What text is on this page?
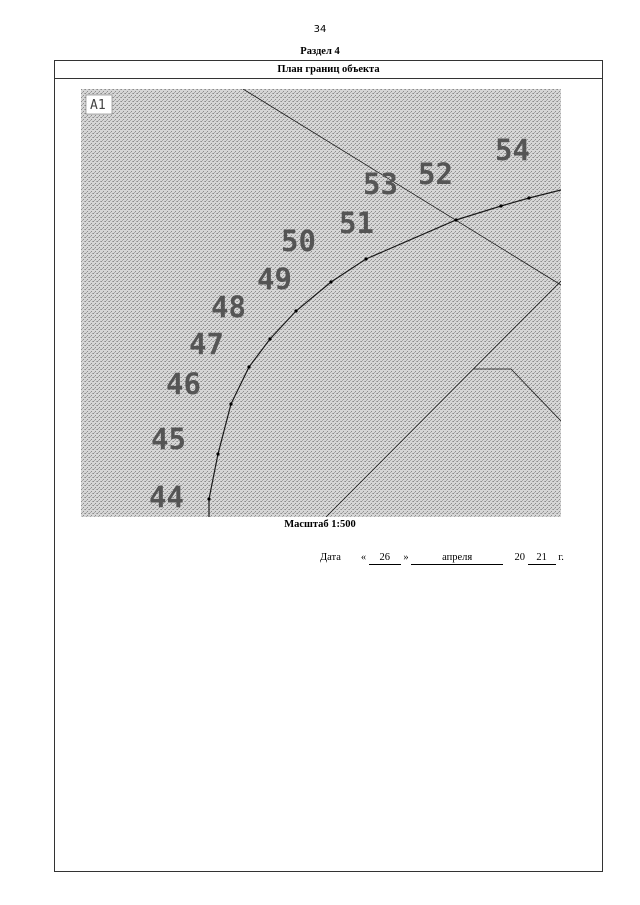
34
Раздел 4
План границ объекта
А1
44
45
46
47
48
49
50
51
52
53
54
Масштаб 1:500
Дата « 26 »	апреля	20 21 г.
